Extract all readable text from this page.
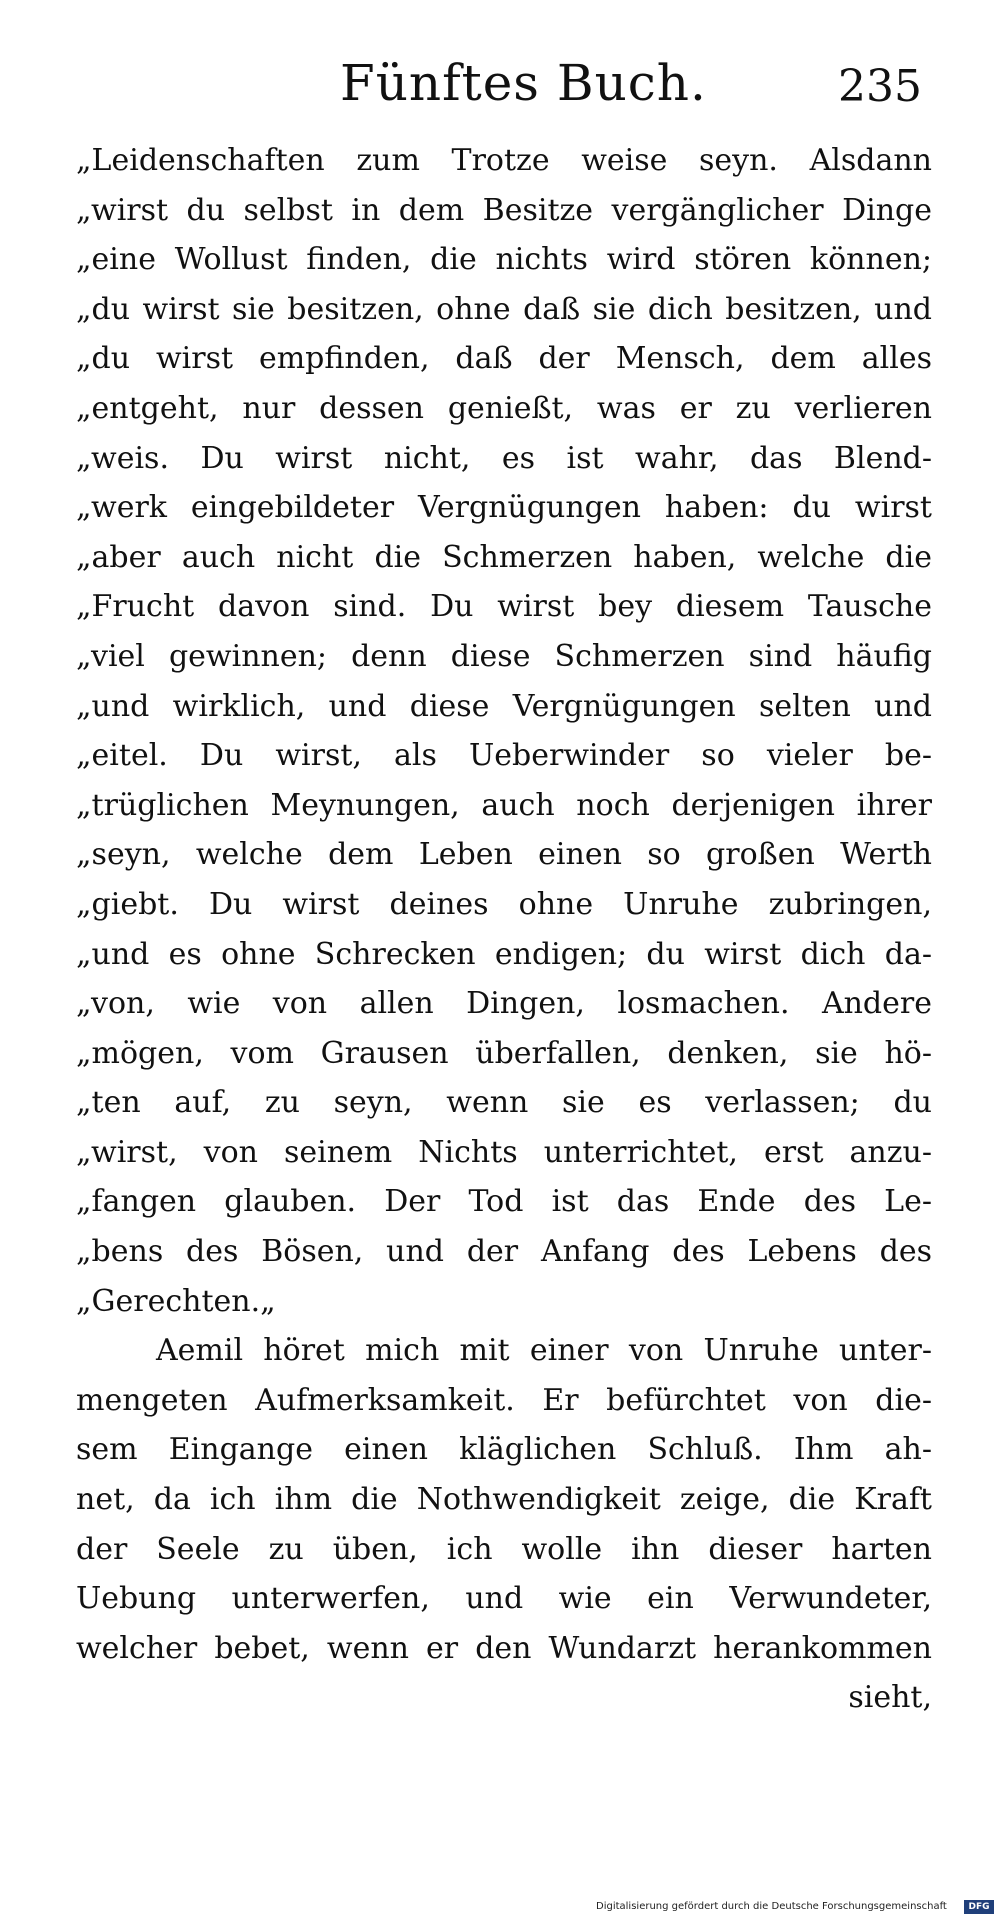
Fünftes Buch.	235
„Leidenschaften zum Trotze weise seyn. Alsdann
„wirst du selbst in dem Besitze vergänglicher Dinge
„eine Wollust finden, die nichts wird stören können;
„du wirst sie besitzen, ohne daß sie dich besitzen, und
„du wirst empfinden, daß der Mensch, dem alles
„entgeht, nur dessen genießt, was er zu verlieren
„weis. Du wirst nicht, es ist wahr, das Blend-
„werk eingebildeter Vergnügungen haben: du wirst
„aber auch nicht die Schmerzen haben, welche die
„Frucht davon sind. Du wirst bey diesem Tausche
„viel gewinnen; denn diese Schmerzen sind häufig
„und wirklich, und diese Vergnügungen selten und
„eitel. Du wirst, als Ueberwinder so vieler be-
„trüglichen Meynungen, auch noch derjenigen ihrer
„seyn, welche dem Leben einen so großen Werth
„giebt. Du wirst deines ohne Unruhe zubringen,
„und es ohne Schrecken endigen; du wirst dich da-
„von, wie von allen Dingen, losmachen. Andere
„mögen, vom Grausen überfallen, denken, sie hö-
„ten auf, zu seyn, wenn sie es verlassen; du
„wirst, von seinem Nichts unterrichtet, erst anzu-
„fangen glauben. Der Tod ist das Ende des Le-
„bens des Bösen, und der Anfang des Lebens des
„Gerechten.„
Aemil höret mich mit einer von Unruhe unter-
mengeten Aufmerksamkeit. Er befürchtet von die-
sem Eingange einen kläglichen Schluß. Ihm ah-
net, da ich ihm die Nothwendigkeit zeige, die Kraft
der Seele zu üben, ich wolle ihn dieser harten
Uebung unterwerfen, und wie ein Verwundeter,
welcher bebet, wenn er den Wundarzt herankommen
sieht,
Digitalisierung gefördert durch die Deutsche Forschungsgemeinschaft	DFG
